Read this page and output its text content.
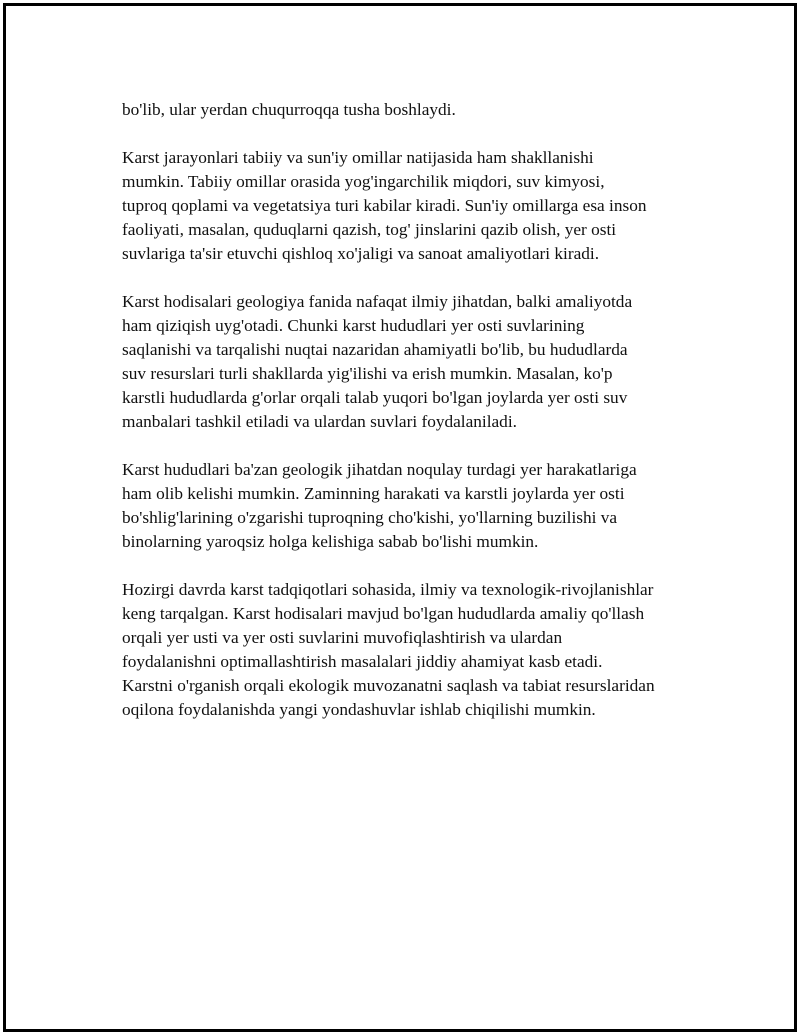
bo'lib, ular yerdan chuqurroqqa tusha boshlaydi.

Karst jarayonlari tabiiy va sun'iy omillar natijasida ham shakllanishi
mumkin. Tabiiy omillar orasida yog'ingarchilik miqdori, suv kimyosi,
tuproq qoplami va vegetatsiya turi kabilar kiradi. Sun'iy omillarga esa inson
faoliyati, masalan, quduqlarni qazish, tog' jinslarini qazib olish, yer osti
suvlariga ta'sir etuvchi qishloq xo'jaligi va sanoat amaliyotlari kiradi.

Karst hodisalari geologiya fanida nafaqat ilmiy jihatdan, balki amaliyotda
ham qiziqish uyg'otadi. Chunki karst hududlari yer osti suvlarining
saqlanishi va tarqalishi nuqtai nazaridan ahamiyatli bo'lib, bu hududlarda
suv resurslari turli shakllarda yig'ilishi va erish mumkin. Masalan, ko'p
karstli hududlarda g'orlar orqali talab yuqori bo'lgan joylarda yer osti suv
manbalari tashkil etiladi va ulardan suvlari foydalaniladi.

Karst hududlari ba'zan geologik jihatdan noqulay turdagi yer harakatlariga
ham olib kelishi mumkin. Zaminning harakati va karstli joylarda yer osti
bo'shlig'larining o'zgarishi tuproqning cho'kishi, yo'llarning buzilishi va
binolarning yaroqsiz holga kelishiga sabab bo'lishi mumkin.

Hozirgi davrda karst tadqiqotlari sohasida, ilmiy va texnologik-rivojlanishlar
keng tarqalgan. Karst hodisalari mavjud bo'lgan hududlarda amaliy qo'llash
orqali yer usti va yer osti suvlarini muvofiqlashtirish va ulardan
foydalanishni optimallashtirish masalalari jiddiy ahamiyat kasb etadi.
Karstni o'rganish orqali ekologik muvozanatni saqlash va tabiat resurslaridan
oqilona foydalanishda yangi yondashuvlar ishlab chiqilishi mumkin.
